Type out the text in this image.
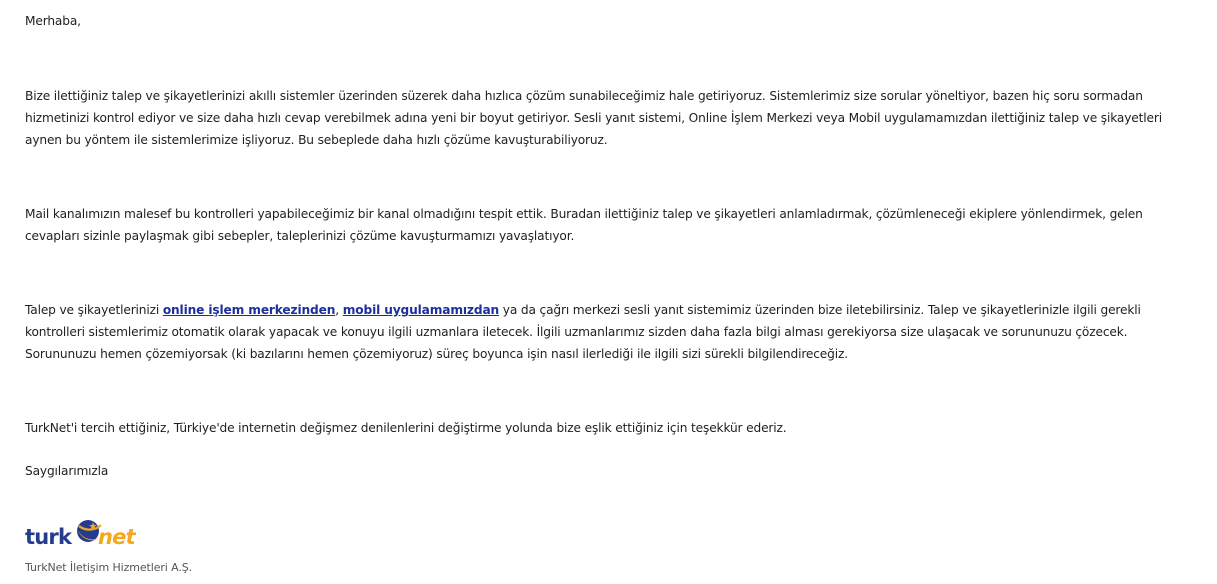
Merhaba,

Bize ilettiğiniz talep ve şikayetlerinizi akıllı sistemler üzerinden süzerek daha hızlıca çözüm sunabileceğimiz hale getiriyoruz. Sistemlerimiz size sorular yöneltiyor, bazen hiç soru sormadan hizmetinizi kontrol ediyor ve size daha hızlı cevap verebilmek adına yeni bir boyut getiriyor. Sesli yanıt sistemi, Online İşlem Merkezi veya Mobil uygulamamızdan ilettiğiniz talep ve şikayetleri aynen bu yöntem ile sistemlerimize işliyoruz. Bu sebeplede daha hızlı çözüme kavuşturabiliyoruz.

Mail kanalımızın malesef bu kontrolleri yapabileceğimiz bir kanal olmadığını tespit ettik. Buradan ilettiğiniz talep ve şikayetleri anlamladırmak, çözümleneceği ekiplere yönlendirmek, gelen cevapları sizinle paylaşmak gibi sebepler, taleplerinizi çözüme kavuşturmamızı yavaşlatıyor.

Talep ve şikayetlerinizi online işlem merkezinden, mobil uygulamamızdan ya da çağrı merkezi sesli yanıt sistemimiz üzerinden bize iletebilirsiniz. Talep ve şikayetlerinizle ilgili gerekli kontrolleri sistemlerimiz otomatik olarak yapacak ve konuyu ilgili uzmanlara iletecek. İlgili uzmanlarımız sizden daha fazla bilgi alması gerekiyorsa size ulaşacak ve sorununuzu çözecek. Sorununuzu hemen çözemiyorsak (ki bazılarını hemen çözemiyoruz) süreç boyunca işin nasıl ilerlediği ile ilgili sizi sürekli bilgilendireceğiz.

TurkNet'i tercih ettiğiniz, Türkiye'de internetin değişmez denilenlerini değiştirme yolunda bize eşlik ettiğiniz için teşekkür ederiz.

Saygılarımızla

turk net
TurkNet İletişim Hizmetleri A.Ş.
